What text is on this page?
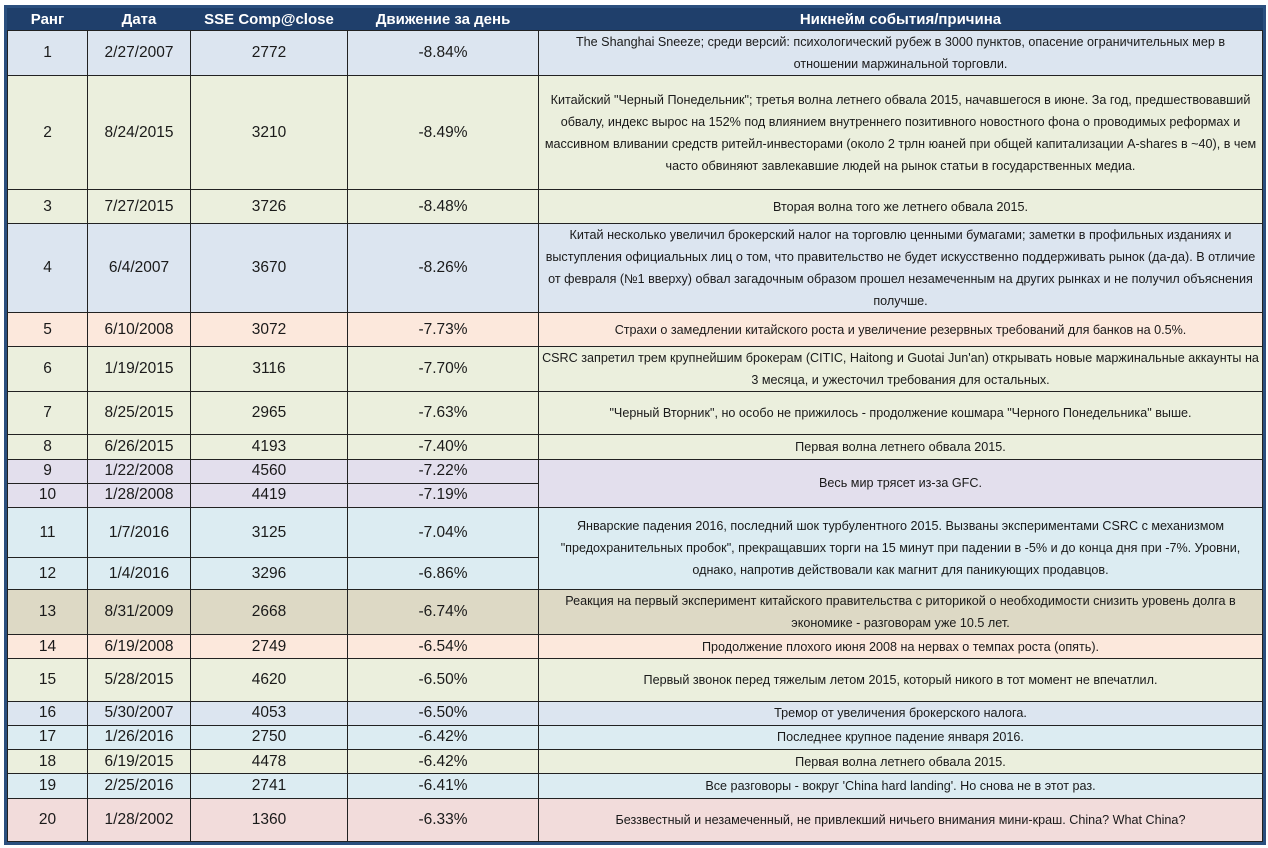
Ранг	Дата	SSE Comp@close	Движение за день	Никнейм события/причина
1	2/27/2007	2772	-8.84%	The Shanghai Sneeze; среди версий: психологический рубеж в 3000 пунктов, опасение ограничительных мер в отношении маржинальной торговли.
2	8/24/2015	3210	-8.49%	Китайский "Черный Понедельник"; третья волна летнего обвала 2015, начавшегося в июне. За год, предшествовавший обвалу, индекс вырос на 152% под влиянием внутреннего позитивного новостного фона о проводимых реформах и массивном вливании средств ритейл-инвесторами (около 2 трлн юаней при общей капитализации A-shares в ~40), в чем часто обвиняют завлекавшие людей на рынок статьи в государственных медиа.
3	7/27/2015	3726	-8.48%	Вторая волна того же летнего обвала 2015.
4	6/4/2007	3670	-8.26%	Китай несколько увеличил брокерский налог на торговлю ценными бумагами; заметки в профильных изданиях и выступления официальных лиц о том, что правительство не будет искусственно поддерживать рынок (да-да). В отличие от февраля (№1 вверху) обвал загадочным образом прошел незамеченным на других рынках и не получил объяснения получше.
5	6/10/2008	3072	-7.73%	Страхи о замедлении китайского роста и увеличение резервных требований для банков на 0.5%.
6	1/19/2015	3116	-7.70%	CSRC запретил трем крупнейшим брокерам (CITIC, Haitong и Guotai Jun'an) открывать новые маржинальные аккаунты на 3 месяца, и ужесточил требования для остальных.
7	8/25/2015	2965	-7.63%	"Черный Вторник", но особо не прижилось - продолжение кошмара "Черного Понедельника" выше.
8	6/26/2015	4193	-7.40%	Первая волна летнего обвала 2015.
9	1/22/2008	4560	-7.22%	Весь мир трясет из-за GFC.
10	1/28/2008	4419	-7.19%	
11	1/7/2016	3125	-7.04%	Январские падения 2016, последний шок турбулентного 2015. Вызваны экспериментами CSRC с механизмом "предохранительных пробок", прекращавших торги на 15 минут при падении в -5% и до конца дня при -7%. Уровни, однако, напротив действовали как магнит для паникующих продавцов.
12	1/4/2016	3296	-6.86%	
13	8/31/2009	2668	-6.74%	Реакция на первый эксперимент китайского правительства с риторикой о необходимости снизить уровень долга в экономике - разговорам уже 10.5 лет.
14	6/19/2008	2749	-6.54%	Продолжение плохого июня 2008 на нервах о темпах роста (опять).
15	5/28/2015	4620	-6.50%	Первый звонок перед тяжелым летом 2015, который никого в тот момент не впечатлил.
16	5/30/2007	4053	-6.50%	Тремор от увеличения брокерского налога.
17	1/26/2016	2750	-6.42%	Последнее крупное падение января 2016.
18	6/19/2015	4478	-6.42%	Первая волна летнего обвала 2015.
19	2/25/2016	2741	-6.41%	Все разговоры - вокруг 'China hard landing'. Но снова не в этот раз.
20	1/28/2002	1360	-6.33%	Беззвестный и незамеченный, не привлекший ничьего внимания мини-краш. China? What China?
